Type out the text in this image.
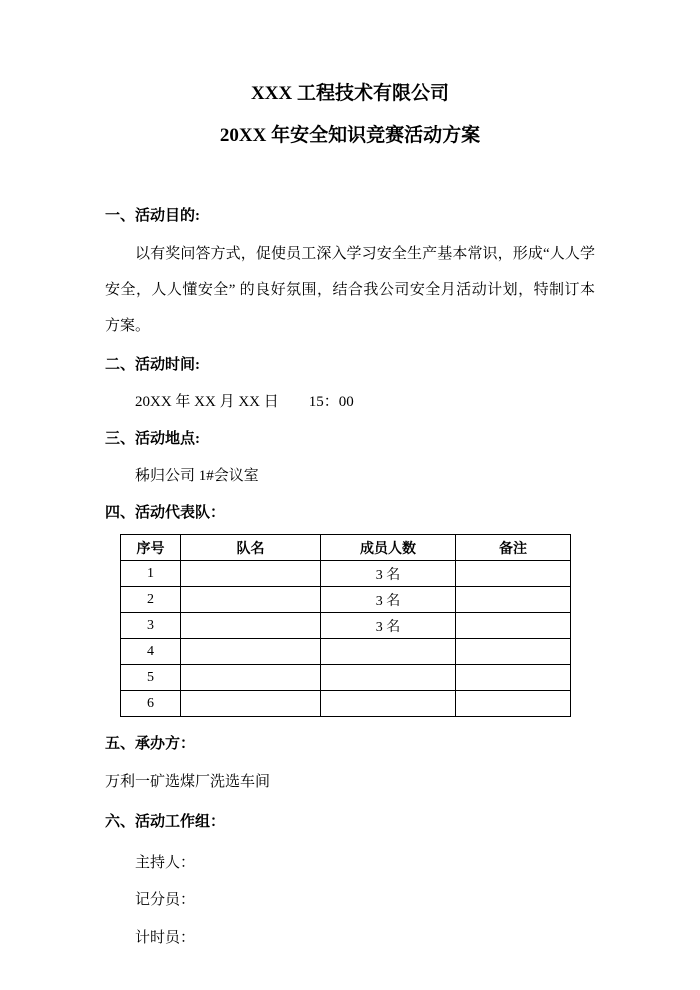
XXX 工程技术有限公司

20XX 年安全知识竞赛活动方案

一、活动目的:

以有奖问答方式，促使员工深入学习安全生产基本常识，形成“人人学安全，人人懂安全” 的良好氛围，结合我公司安全月活动计划，特制订本方案。

二、活动时间:

20XX 年 XX 月 XX 日　　15：00

三、活动地点:

秭归公司 1#会议室

四、活动代表队：

序号	队名	成员人数	备注
1		3 名	
2		3 名	
3		3 名	
4			
5			
6			

五、承办方：

万利一矿选煤厂洗选车间

六、活动工作组：

主持人：

记分员：

计时员：
